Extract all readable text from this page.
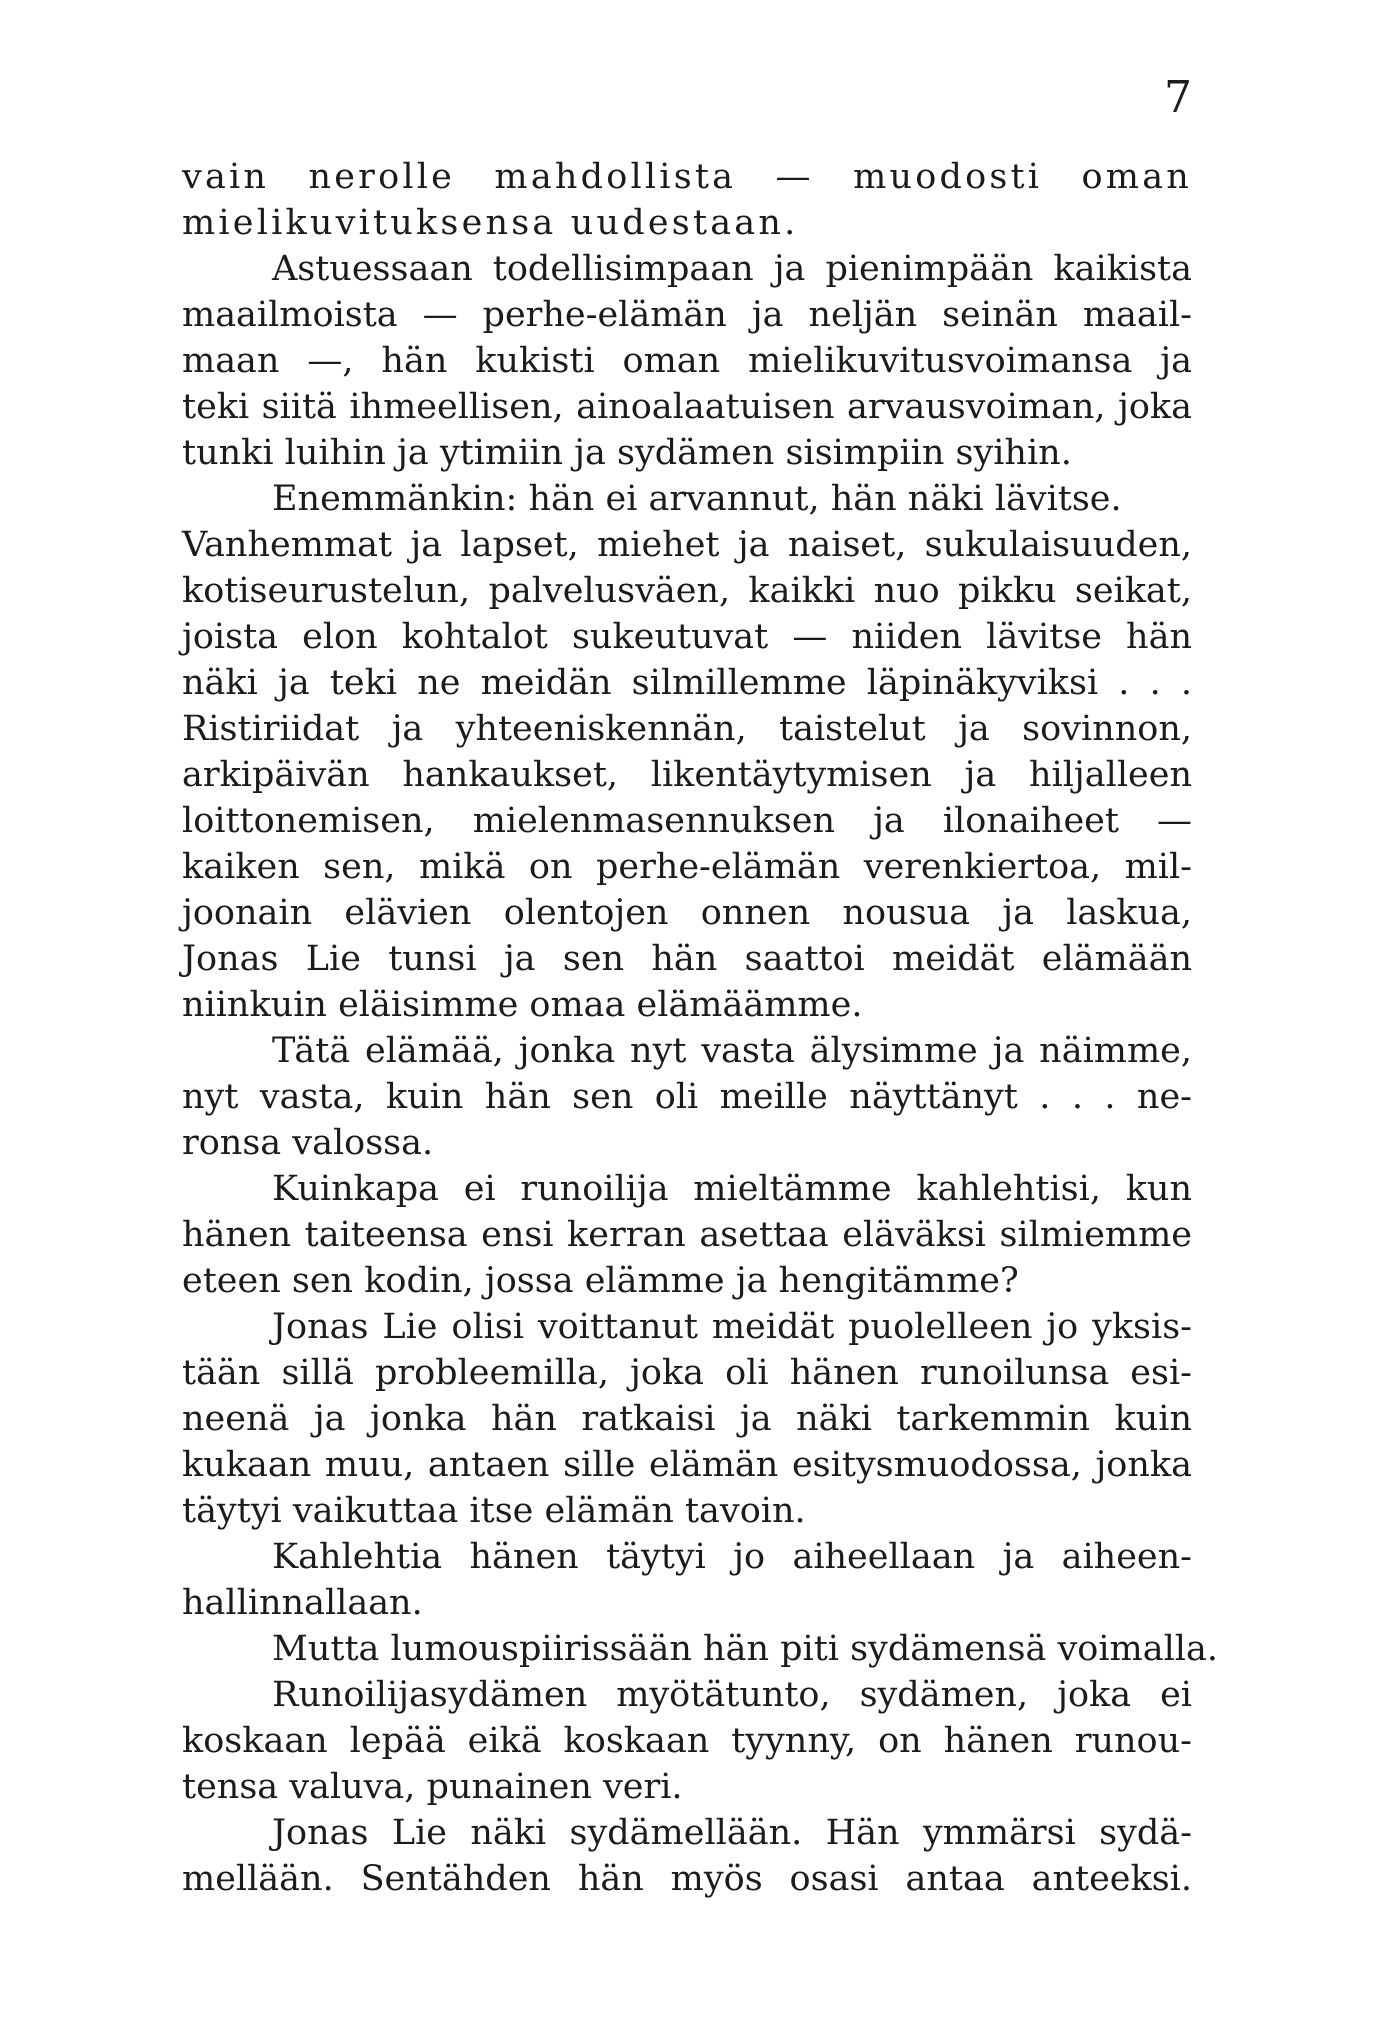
7
vain nerolle mahdollista — muodosti oman
mielikuvituksensa uudestaan.
Astuessaan todellisimpaan ja pienimpään kaikista
maailmoista — perhe-elämän ja neljän seinän maail-
maan —, hän kukisti oman mielikuvitusvoimansa ja
teki siitä ihmeellisen, ainoalaatuisen arvausvoiman, joka
tunki luihin ja ytimiin ja sydämen sisimpiin syihin.
Enemmänkin: hän ei arvannut, hän näki lävitse.
Vanhemmat ja lapset, miehet ja naiset, sukulaisuuden,
kotiseurustelun, palvelusväen, kaikki nuo pikku seikat,
joista elon kohtalot sukeutuvat — niiden lävitse hän
näki ja teki ne meidän silmillemme läpinäkyviksi . . .
Ristiriidat ja yhteeniskennän, taistelut ja sovinnon,
arkipäivän hankaukset, likentäytymisen ja hiljalleen
loittonemisen, mielenmasennuksen ja ilonaiheet —
kaiken sen, mikä on perhe-elämän verenkiertoa, mil-
joonain elävien olentojen onnen nousua ja laskua,
Jonas Lie tunsi ja sen hän saattoi meidät elämään
niinkuin eläisimme omaa elämäämme.
Tätä elämää, jonka nyt vasta älysimme ja näimme,
nyt vasta, kuin hän sen oli meille näyttänyt . . . ne-
ronsa valossa.
Kuinkapa ei runoilija mieltämme kahlehtisi, kun
hänen taiteensa ensi kerran asettaa eläväksi silmiemme
eteen sen kodin, jossa elämme ja hengitämme?
Jonas Lie olisi voittanut meidät puolelleen jo yksis-
tään sillä probleemilla, joka oli hänen runoilunsa esi-
neenä ja jonka hän ratkaisi ja näki tarkemmin kuin
kukaan muu, antaen sille elämän esitysmuodossa, jonka
täytyi vaikuttaa itse elämän tavoin.
Kahlehtia hänen täytyi jo aiheellaan ja aiheen-
hallinnallaan.
Mutta lumouspiirissään hän piti sydämensä voimalla.
Runoilijasydämen myötätunto, sydämen, joka ei
koskaan lepää eikä koskaan tyynny, on hänen runou-
tensa valuva, punainen veri.
Jonas Lie näki sydämellään. Hän ymmärsi sydä-
mellään. Sentähden hän myös osasi antaa anteeksi.
